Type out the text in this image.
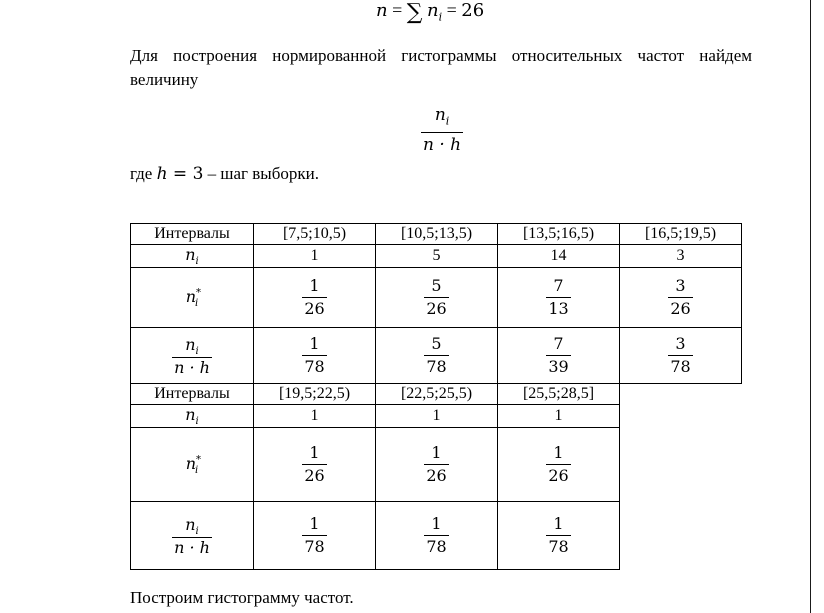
n = ∑ $n_i = 26$
Для построения нормированной гистограммы относительных частот найдем величину
$n_i$
n · h
где h = 3 – шаг выборки.
Интервалы	[7,5;10,5)	[10,5;13,5)	[13,5;16,5)	[16,5;19,5)
$n_i$	1	5	14	3
$n^*_i$	$\frac{1}{26}$	$\frac{5}{26}$	$\frac{7}{13}$	$\frac{3}{26}$

$\frac{n_i}{n \cdot h}$	$\frac{1}{78}$	$\frac{5}{78}$	$\frac{7}{39}$	$\frac{3}{78}$
Интервалы	[19,5;22,5)	[22,5;25,5)	[25,5;28,5]
$n_i$	1	1	1
$n^*_i$	$\frac{1}{26}$	$\frac{1}{26}$	$\frac{1}{26}$

$\frac{n_i}{n \cdot h}$	$\frac{1}{78}$	$\frac{1}{78}$	$\frac{1}{78}$
Построим гистограмму частот.
